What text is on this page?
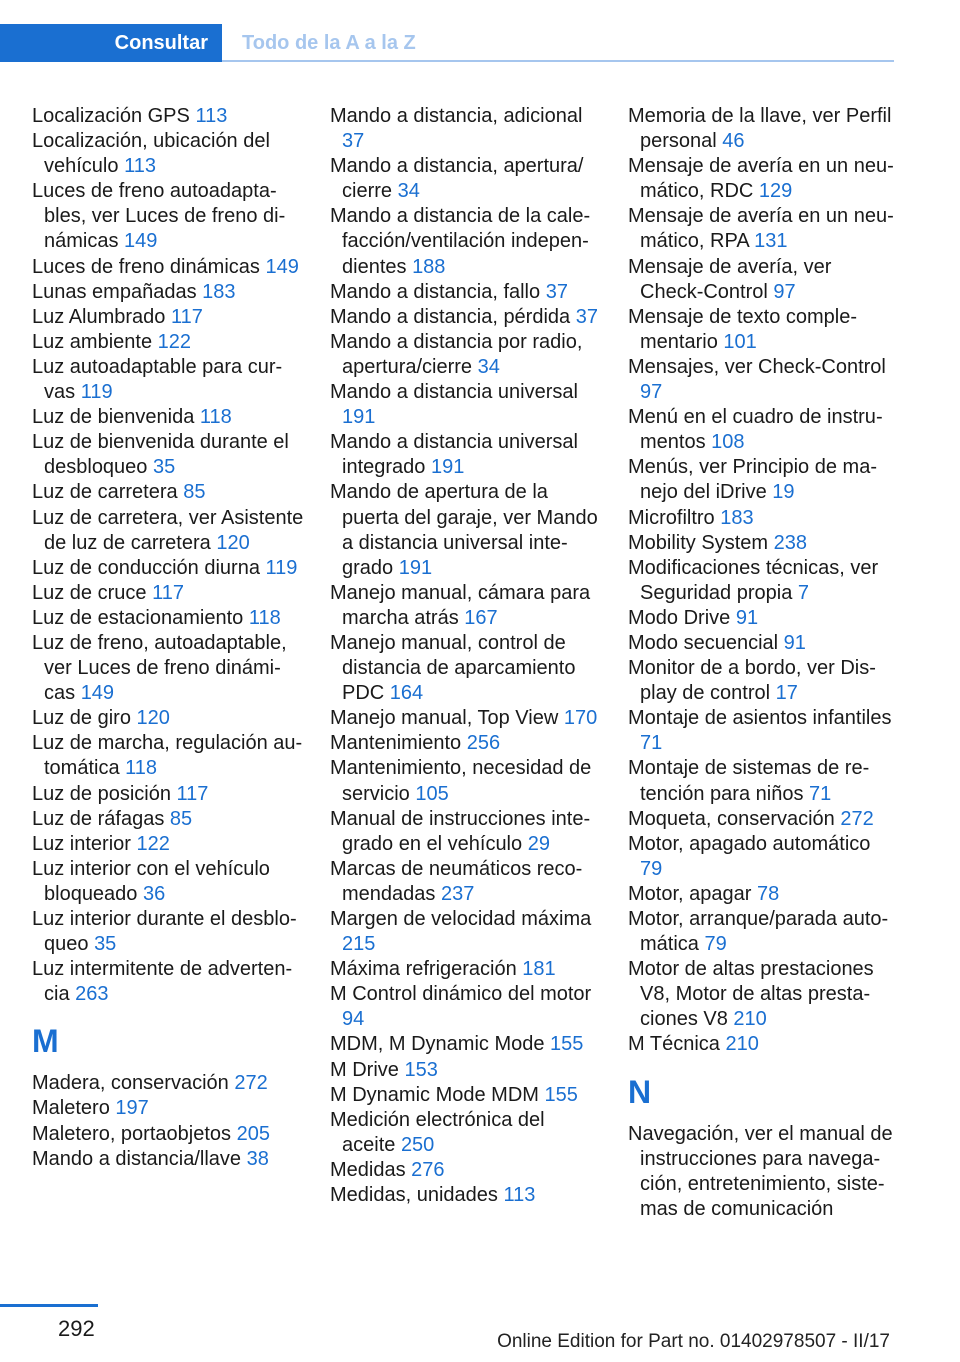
Consultar	Todo de la A a la Z

Localización GPS 113

Localización, ubicación del vehículo 113

Luces de freno autoadaptables, ver Luces de freno dinámicas 149

Luces de freno dinámicas 149

Lunas empañadas 183

Luz Alumbrado 117

Luz ambiente 122

Luz autoadaptable para curvas 119

Luz de bienvenida 118

Luz de bienvenida durante el desbloqueo 35

Luz de carretera 85

Luz de carretera, ver Asistente de luz de carretera 120

Luz de conducción diurna 119

Luz de cruce 117

Luz de estacionamiento 118

Luz de freno, autoadaptable, ver Luces de freno dinámicas 149

Luz de giro 120

Luz de marcha, regulación automática 118

Luz de posición 117

Luz de ráfagas 85

Luz interior 122

Luz interior con el vehículo bloqueado 36

Luz interior durante el desbloqueo 35

Luz intermitente de advertencia 263

M

Madera, conservación 272

Maletero 197

Maletero, portaobjetos 205

Mando a distancia/llave 38

Mando a distancia, adicional 37

Mando a distancia, apertura/ cierre 34

Mando a distancia de la calefacción/ventilación independientes 188

Mando a distancia, fallo 37

Mando a distancia, pérdida 37

Mando a distancia por radio, apertura/cierre 34

Mando a distancia universal 191

Mando a distancia universal integrado 191

Mando de apertura de la puerta del garaje, ver Mando a distancia universal integrado 191

Manejo manual, cámara para marcha atrás 167

Manejo manual, control de distancia de aparcamiento PDC 164

Manejo manual, Top View 170

Mantenimiento 256

Mantenimiento, necesidad de servicio 105

Manual de instrucciones integrado en el vehículo 29

Marcas de neumáticos recomendadas 237

Margen de velocidad máxima 215

Máxima refrigeración 181

M Control dinámico del motor 94

MDM, M Dynamic Mode 155

M Drive 153

M Dynamic Mode MDM 155

Medición electrónica del aceite 250

Medidas 276

Medidas, unidades 113

Memoria de la llave, ver Perfil personal 46

Mensaje de avería en un neumático, RDC 129

Mensaje de avería en un neumático, RPA 131

Mensaje de avería, ver Check-Control 97

Mensaje de texto complementario 101

Mensajes, ver Check-Control 97

Menú en el cuadro de instrumentos 108

Menús, ver Principio de manejo del iDrive 19

Microfiltro 183

Mobility System 238

Modificaciones técnicas, ver Seguridad propia 7

Modo Drive 91

Modo secuencial 91

Monitor de a bordo, ver Display de control 17

Montaje de asientos infantiles 71

Montaje de sistemas de retención para niños 71

Moqueta, conservación 272

Motor, apagado automático 79

Motor, apagar 78

Motor, arranque/parada automática 79

Motor de altas prestaciones V8, Motor de altas prestaciones V8 210

M Técnica 210

N

Navegación, ver el manual de instrucciones para navegación, entretenimiento, sistemas de comunicación

292
Online Edition for Part no. 01402978507 - II/17
